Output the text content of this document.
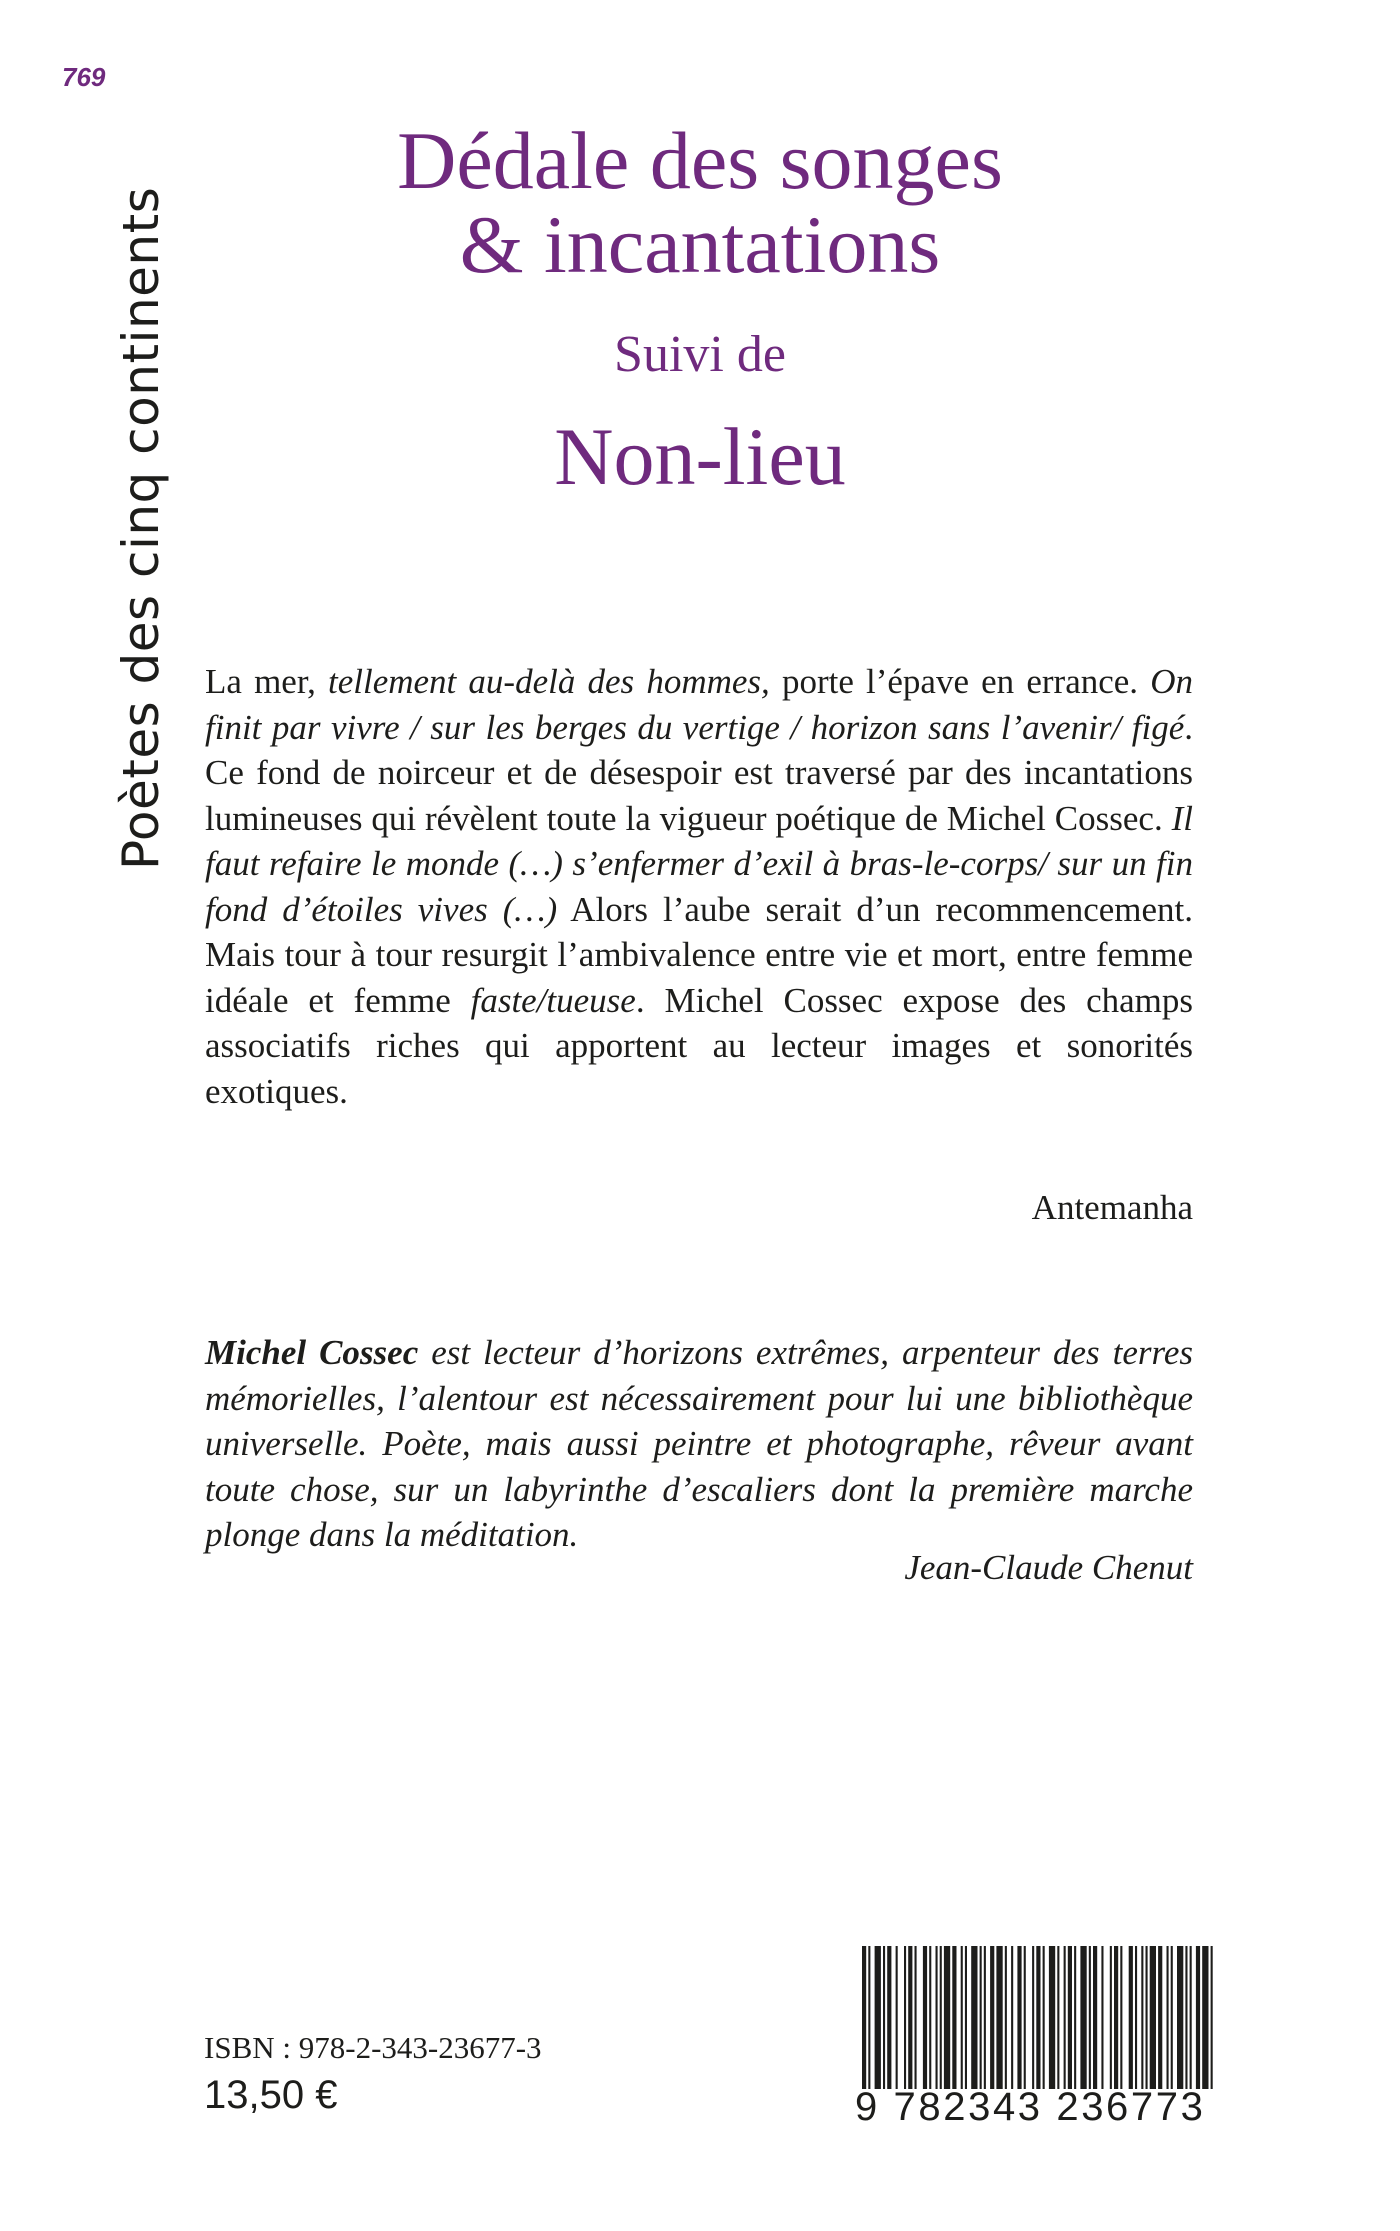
769
Poètes des cinq continents
Dédale des songes
& incantations
Suivi de
Non-lieu

La mer, tellement au-delà des hommes, porte l’épave en errance. On finit par vivre / sur les berges du vertige / horizon sans l’avenir/ figé. Ce fond de noirceur et de désespoir est traversé par des incantations lumineuses qui révèlent toute la vigueur poétique de Michel Cossec. Il faut refaire le monde (…) s’enfermer d’exil à bras-le-corps/ sur un fin fond d’étoiles vives (…) Alors l’aube serait d’un recommencement. Mais tour à tour resurgit l’ambivalence entre vie et mort, entre femme idéale et femme faste/tueuse. Michel Cossec expose des champs associatifs riches qui apportent au lecteur images et sonorités exotiques.

Antemanha

Michel Cossec est lecteur d’horizons extrêmes, arpenteur des terres mémorielles, l’alentour est nécessairement pour lui une bibliothèque universelle. Poète, mais aussi peintre et photographe, rêveur avant toute chose, sur un labyrinthe d’escaliers dont la première marche plonge dans la méditation.

Jean-Claude Chenut
ISBN : 978-2-343-23677-3
13,50 €	9 782343 236773
